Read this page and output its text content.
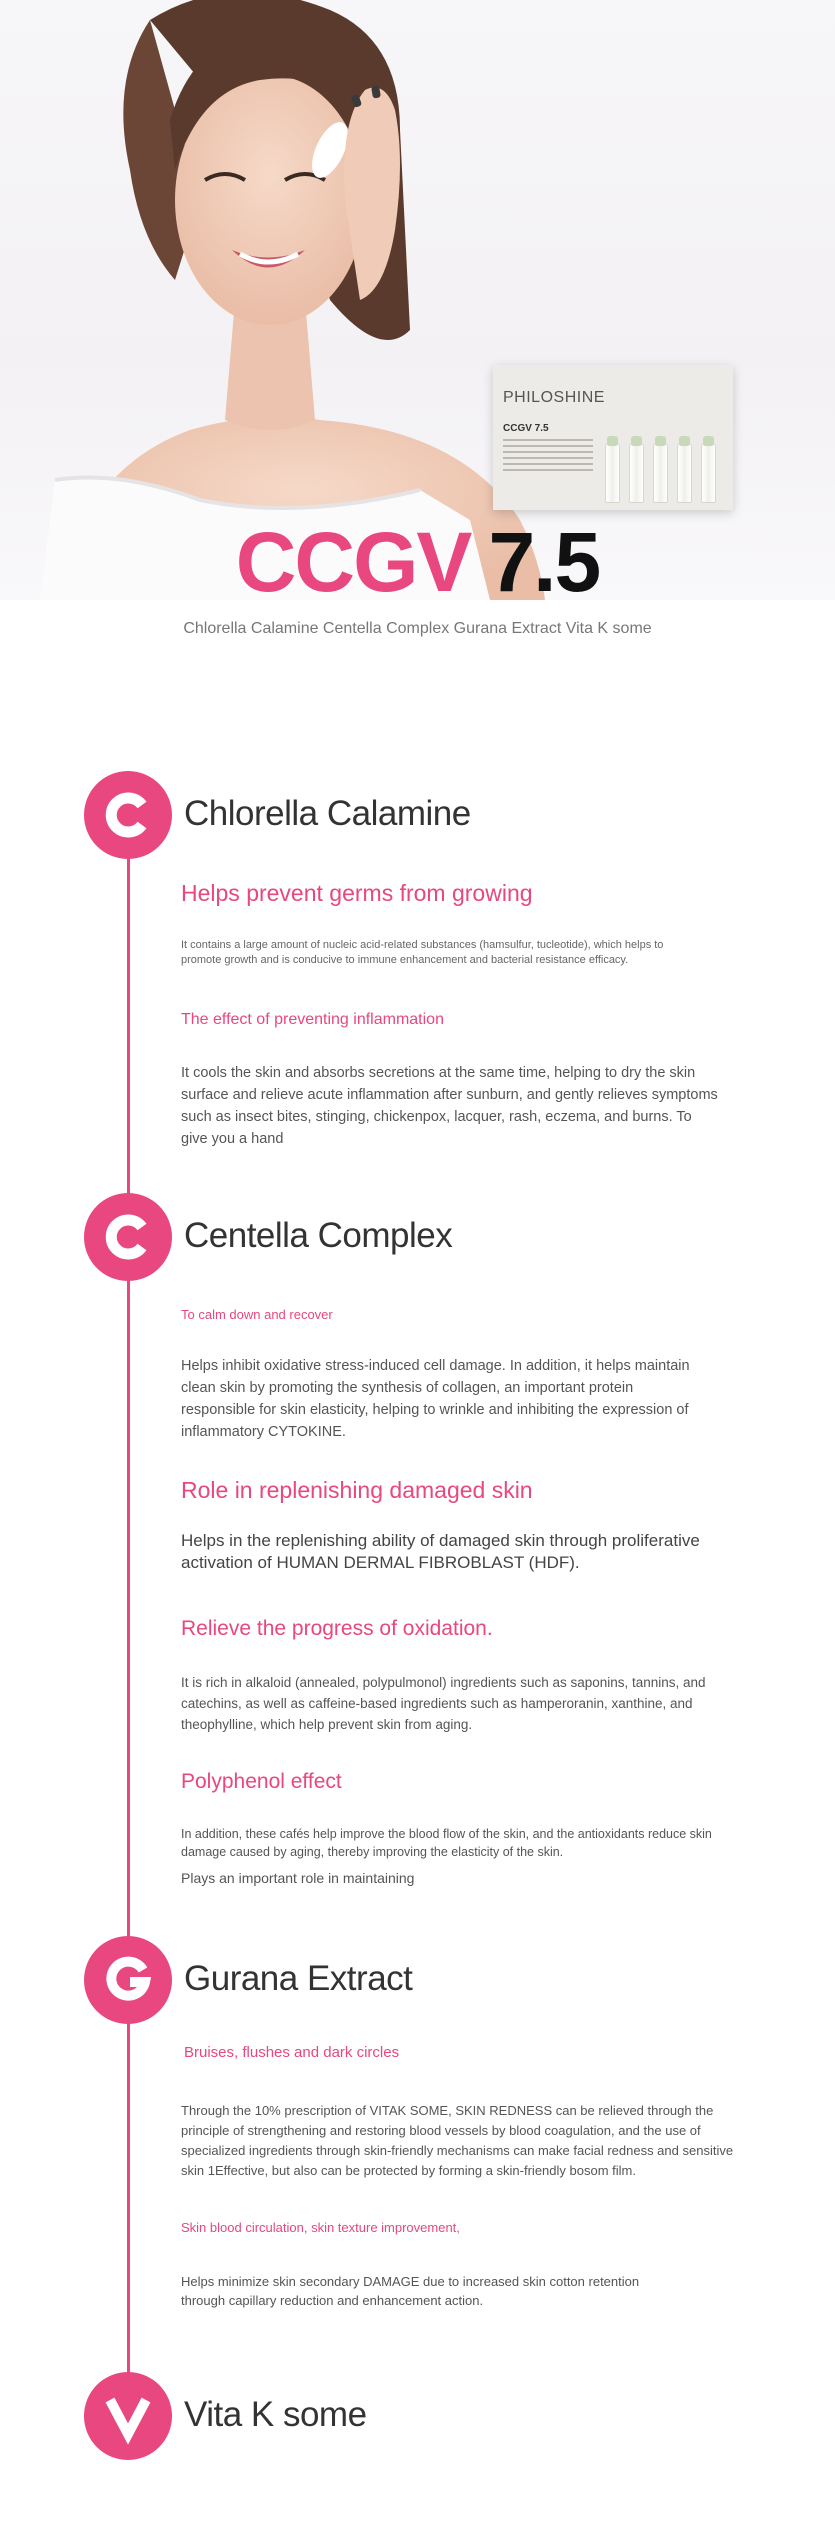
PHILOSHINE
CCGV 7.5
CCGV 7.5
Chlorella Calamine Centella Complex Gurana Extract Vita K some
Chlorella Calamine
Helps prevent germs from growing
It contains a large amount of nucleic acid-related substances (hamsulfur, tucleotide), which helps to promote growth and is conducive to immune enhancement and bacterial resistance efficacy.
The effect of preventing inflammation
It cools the skin and absorbs secretions at the same time, helping to dry the skin surface and relieve acute inflammation after sunburn, and gently relieves symptoms such as insect bites, stinging, chickenpox, lacquer, rash, eczema, and burns. To give you a hand
Centella Complex
To calm down and recover
Helps inhibit oxidative stress-induced cell damage. In addition, it helps maintain clean skin by promoting the synthesis of collagen, an important protein responsible for skin elasticity, helping to wrinkle and inhibiting the expression of inflammatory CYTOKINE.
Role in replenishing damaged skin
Helps in the replenishing ability of damaged skin through proliferative activation of HUMAN DERMAL FIBROBLAST (HDF).
Relieve the progress of oxidation.
It is rich in alkaloid (annealed, polypulmonol) ingredients such as saponins, tannins, and catechins, as well as caffeine-based ingredients such as hamperoranin, xanthine, and theophylline, which help prevent skin from aging.
Polyphenol effect
In addition, these cafés help improve the blood flow of the skin, and the antioxidants reduce skin damage caused by aging, thereby improving the elasticity of the skin.
Plays an important role in maintaining
Gurana Extract
Bruises, flushes and dark circles
Through the 10% prescription of VITAK SOME, SKIN REDNESS can be relieved through the principle of strengthening and restoring blood vessels by blood coagulation, and the use of specialized ingredients through skin-friendly mechanisms can make facial redness and sensitive skin 1Effective, but also can be protected by forming a skin-friendly bosom film.
Skin blood circulation, skin texture improvement,
Helps minimize skin secondary DAMAGE due to increased skin cotton retention through capillary reduction and enhancement action.
Vita K some
